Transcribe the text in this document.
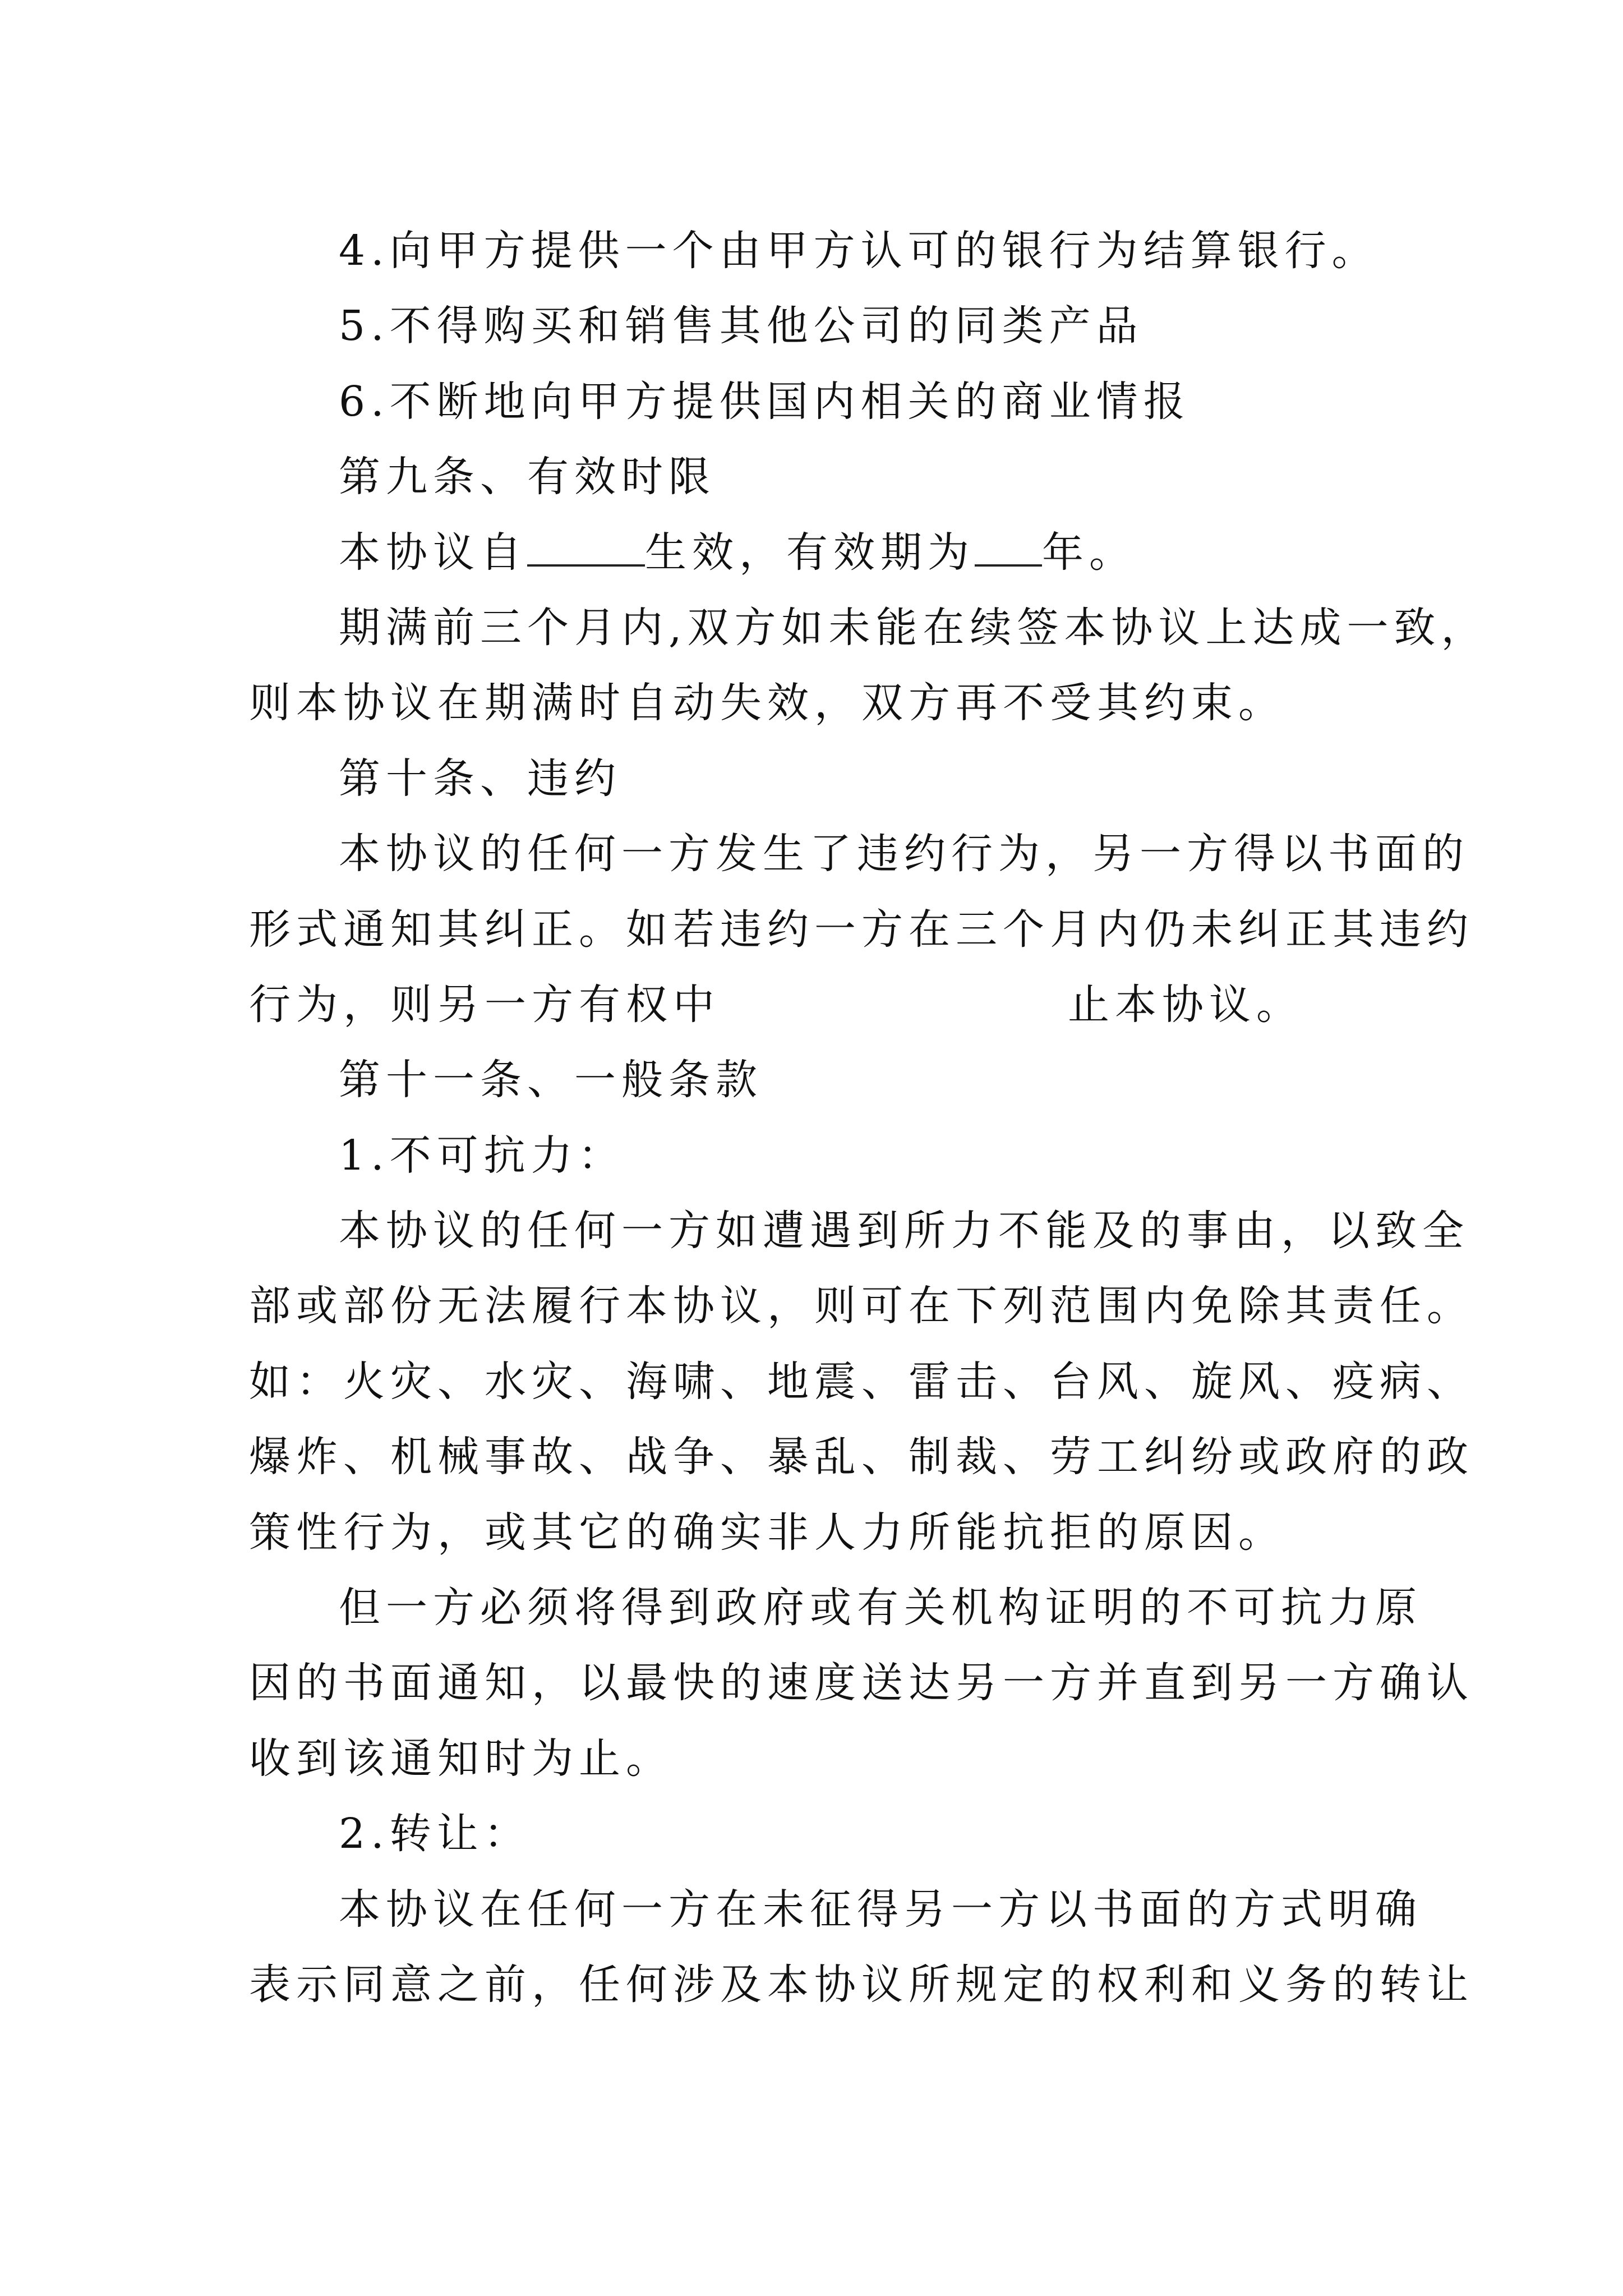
4.向甲方提供一个由甲方认可的银行为结算银行。
5.不得购买和销售其他公司的同类产品
6.不断地向甲方提供国内相关的商业情报
第九条、有效时限
本协议自	生效，有效期为 年。
期满前三个月内,双方如未能在续签本协议上达成一致，
则本协议在期满时自动失效，双方再不受其约束。
第十条、违约
本协议的任何一方发生了违约行为，另一方得以书面的
形式通知其纠正。如若违约一方在三个月内仍未纠正其违约
行为，则另一方有权中	止本协议。
第十一条、一般条款
1.不可抗力：
本协议的任何一方如遭遇到所力不能及的事由，以致全
部或部份无法履行本协议，则可在下列范围内免除其责任。
如：火灾、水灾、海啸、地震、雷击、台风、旋风、疫病、
爆炸、机械事故、战争、暴乱、制裁、劳工纠纷或政府的政
策性行为，或其它的确实非人力所能抗拒的原因。
但一方必须将得到政府或有关机构证明的不可抗力原
因的书面通知，以最快的速度送达另一方并直到另一方确认
收到该通知时为止。
2.转让：
本协议在任何一方在未征得另一方以书面的方式明确
表示同意之前，任何涉及本协议所规定的权利和义务的转让
